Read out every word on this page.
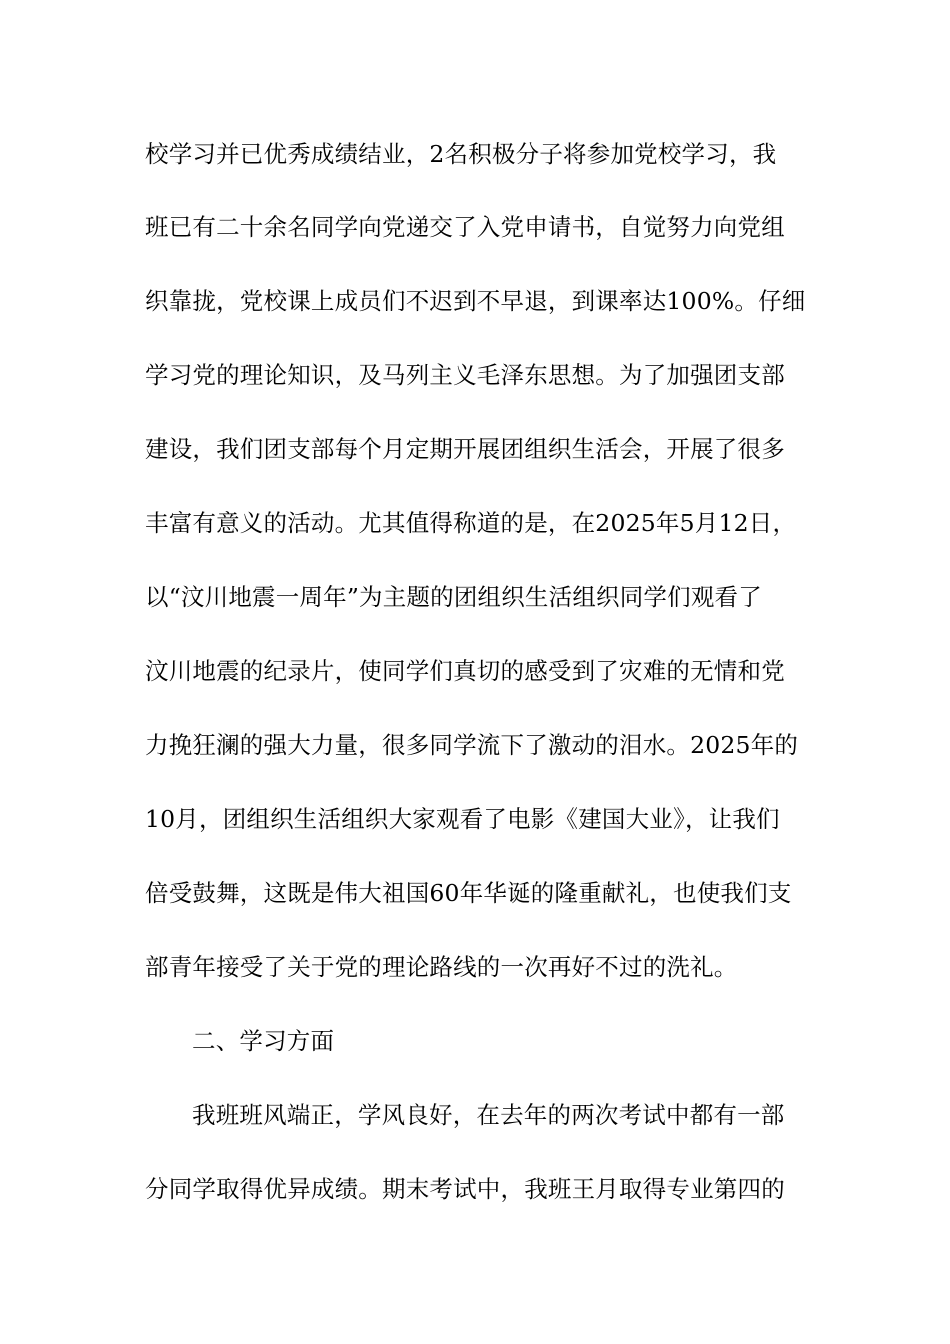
校学习并已优秀成绩结业，2名积极分子将参加党校学习，我
班已有二十余名同学向党递交了入党申请书，自觉努力向党组
织靠拢，党校课上成员们不迟到不早退，到课率达100%。仔细
学习党的理论知识，及马列主义毛泽东思想。为了加强团支部
建设，我们团支部每个月定期开展团组织生活会，开展了很多
丰富有意义的活动。尤其值得称道的是，在2025年5月12日，
以“汶川地震一周年”为主题的团组织生活组织同学们观看了
汶川地震的纪录片，使同学们真切的感受到了灾难的无情和党
力挽狂澜的强大力量，很多同学流下了激动的泪水。2025年的
10月，团组织生活组织大家观看了电影《建国大业》，让我们
倍受鼓舞，这既是伟大祖国60年华诞的隆重献礼，也使我们支
部青年接受了关于党的理论路线的一次再好不过的洗礼。
二、学习方面
我班班风端正，学风良好，在去年的两次考试中都有一部
分同学取得优异成绩。期末考试中，我班王月取得专业第四的
